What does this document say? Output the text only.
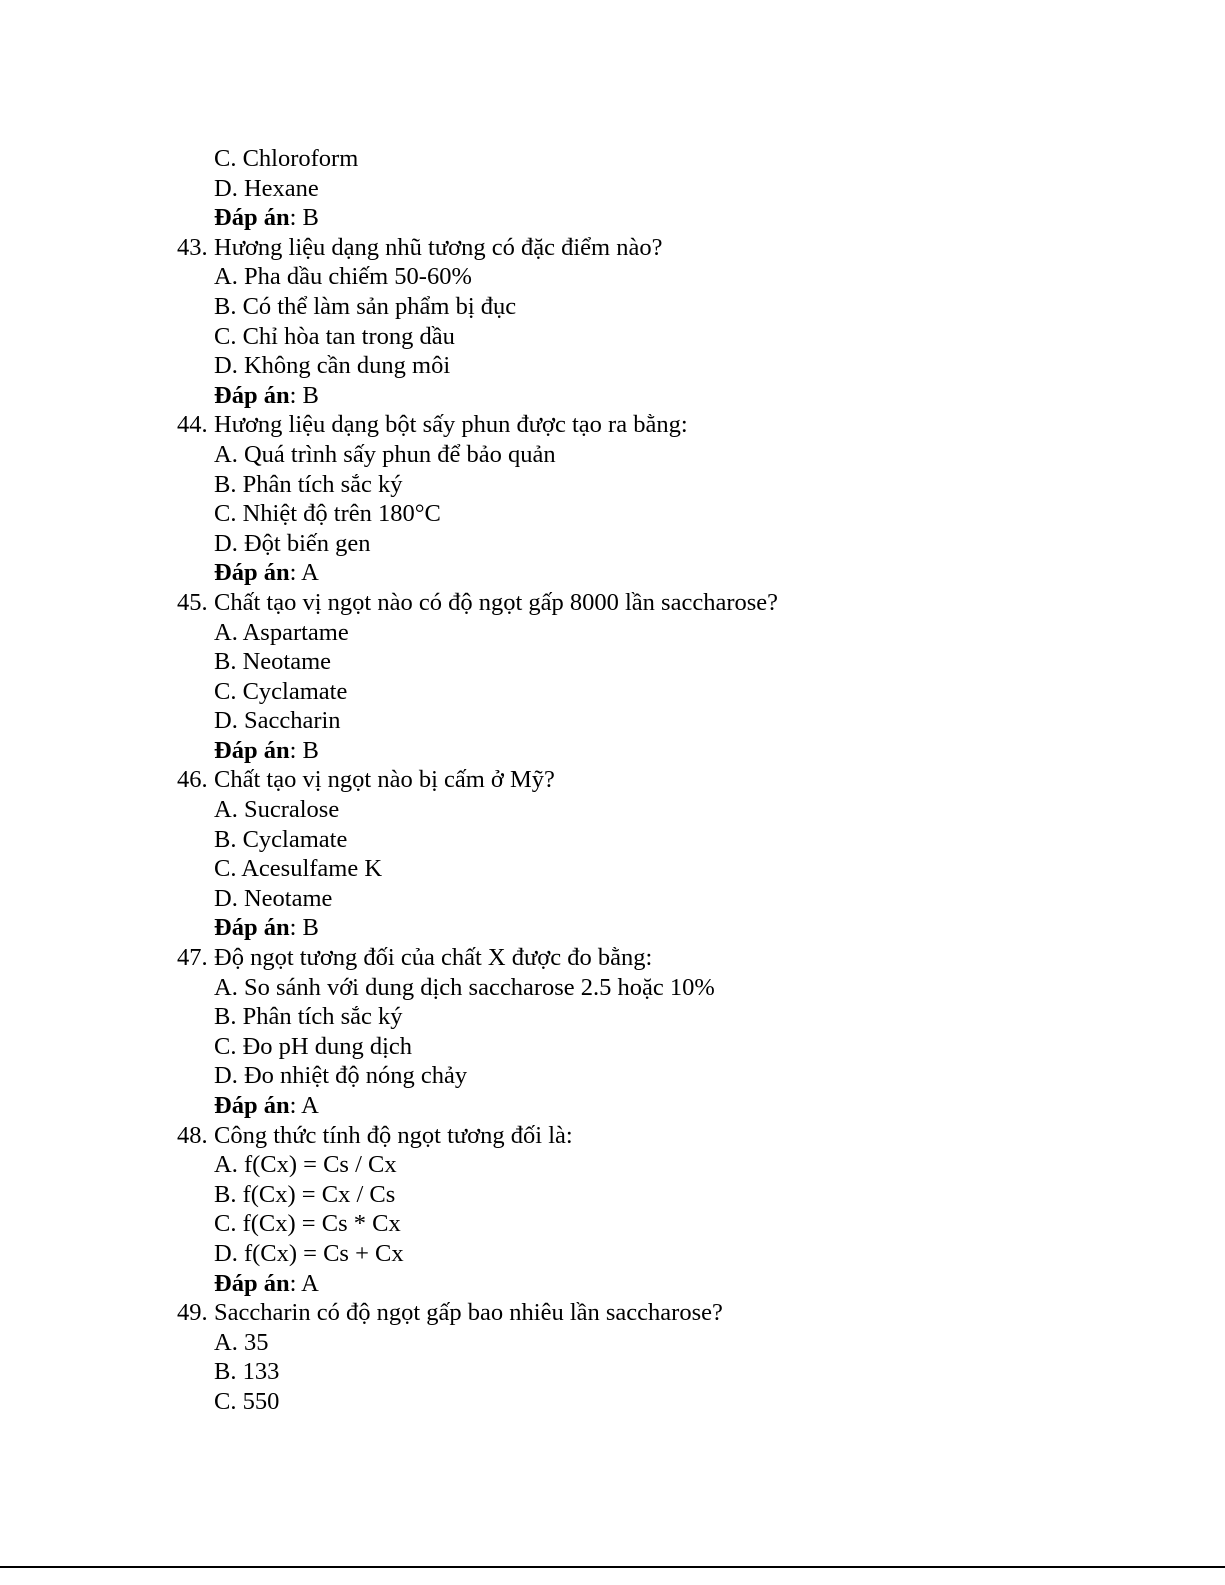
C. Chloroform
D. Hexane
Đáp án: B
43. Hương liệu dạng nhũ tương có đặc điểm nào?
A. Pha dầu chiếm 50-60%
B. Có thể làm sản phẩm bị đục
C. Chỉ hòa tan trong dầu
D. Không cần dung môi
Đáp án: B
44. Hương liệu dạng bột sấy phun được tạo ra bằng:
A. Quá trình sấy phun để bảo quản
B. Phân tích sắc ký
C. Nhiệt độ trên 180°C
D. Đột biến gen
Đáp án: A
45. Chất tạo vị ngọt nào có độ ngọt gấp 8000 lần saccharose?
A. Aspartame
B. Neotame
C. Cyclamate
D. Saccharin
Đáp án: B
46. Chất tạo vị ngọt nào bị cấm ở Mỹ?
A. Sucralose
B. Cyclamate
C. Acesulfame K
D. Neotame
Đáp án: B
47. Độ ngọt tương đối của chất X được đo bằng:
A. So sánh với dung dịch saccharose 2.5 hoặc 10%
B. Phân tích sắc ký
C. Đo pH dung dịch
D. Đo nhiệt độ nóng chảy
Đáp án: A
48. Công thức tính độ ngọt tương đối là:
A. f(Cx) = Cs / Cx
B. f(Cx) = Cx / Cs
C. f(Cx) = Cs * Cx
D. f(Cx) = Cs + Cx
Đáp án: A
49. Saccharin có độ ngọt gấp bao nhiêu lần saccharose?
A. 35
B. 133
C. 550
